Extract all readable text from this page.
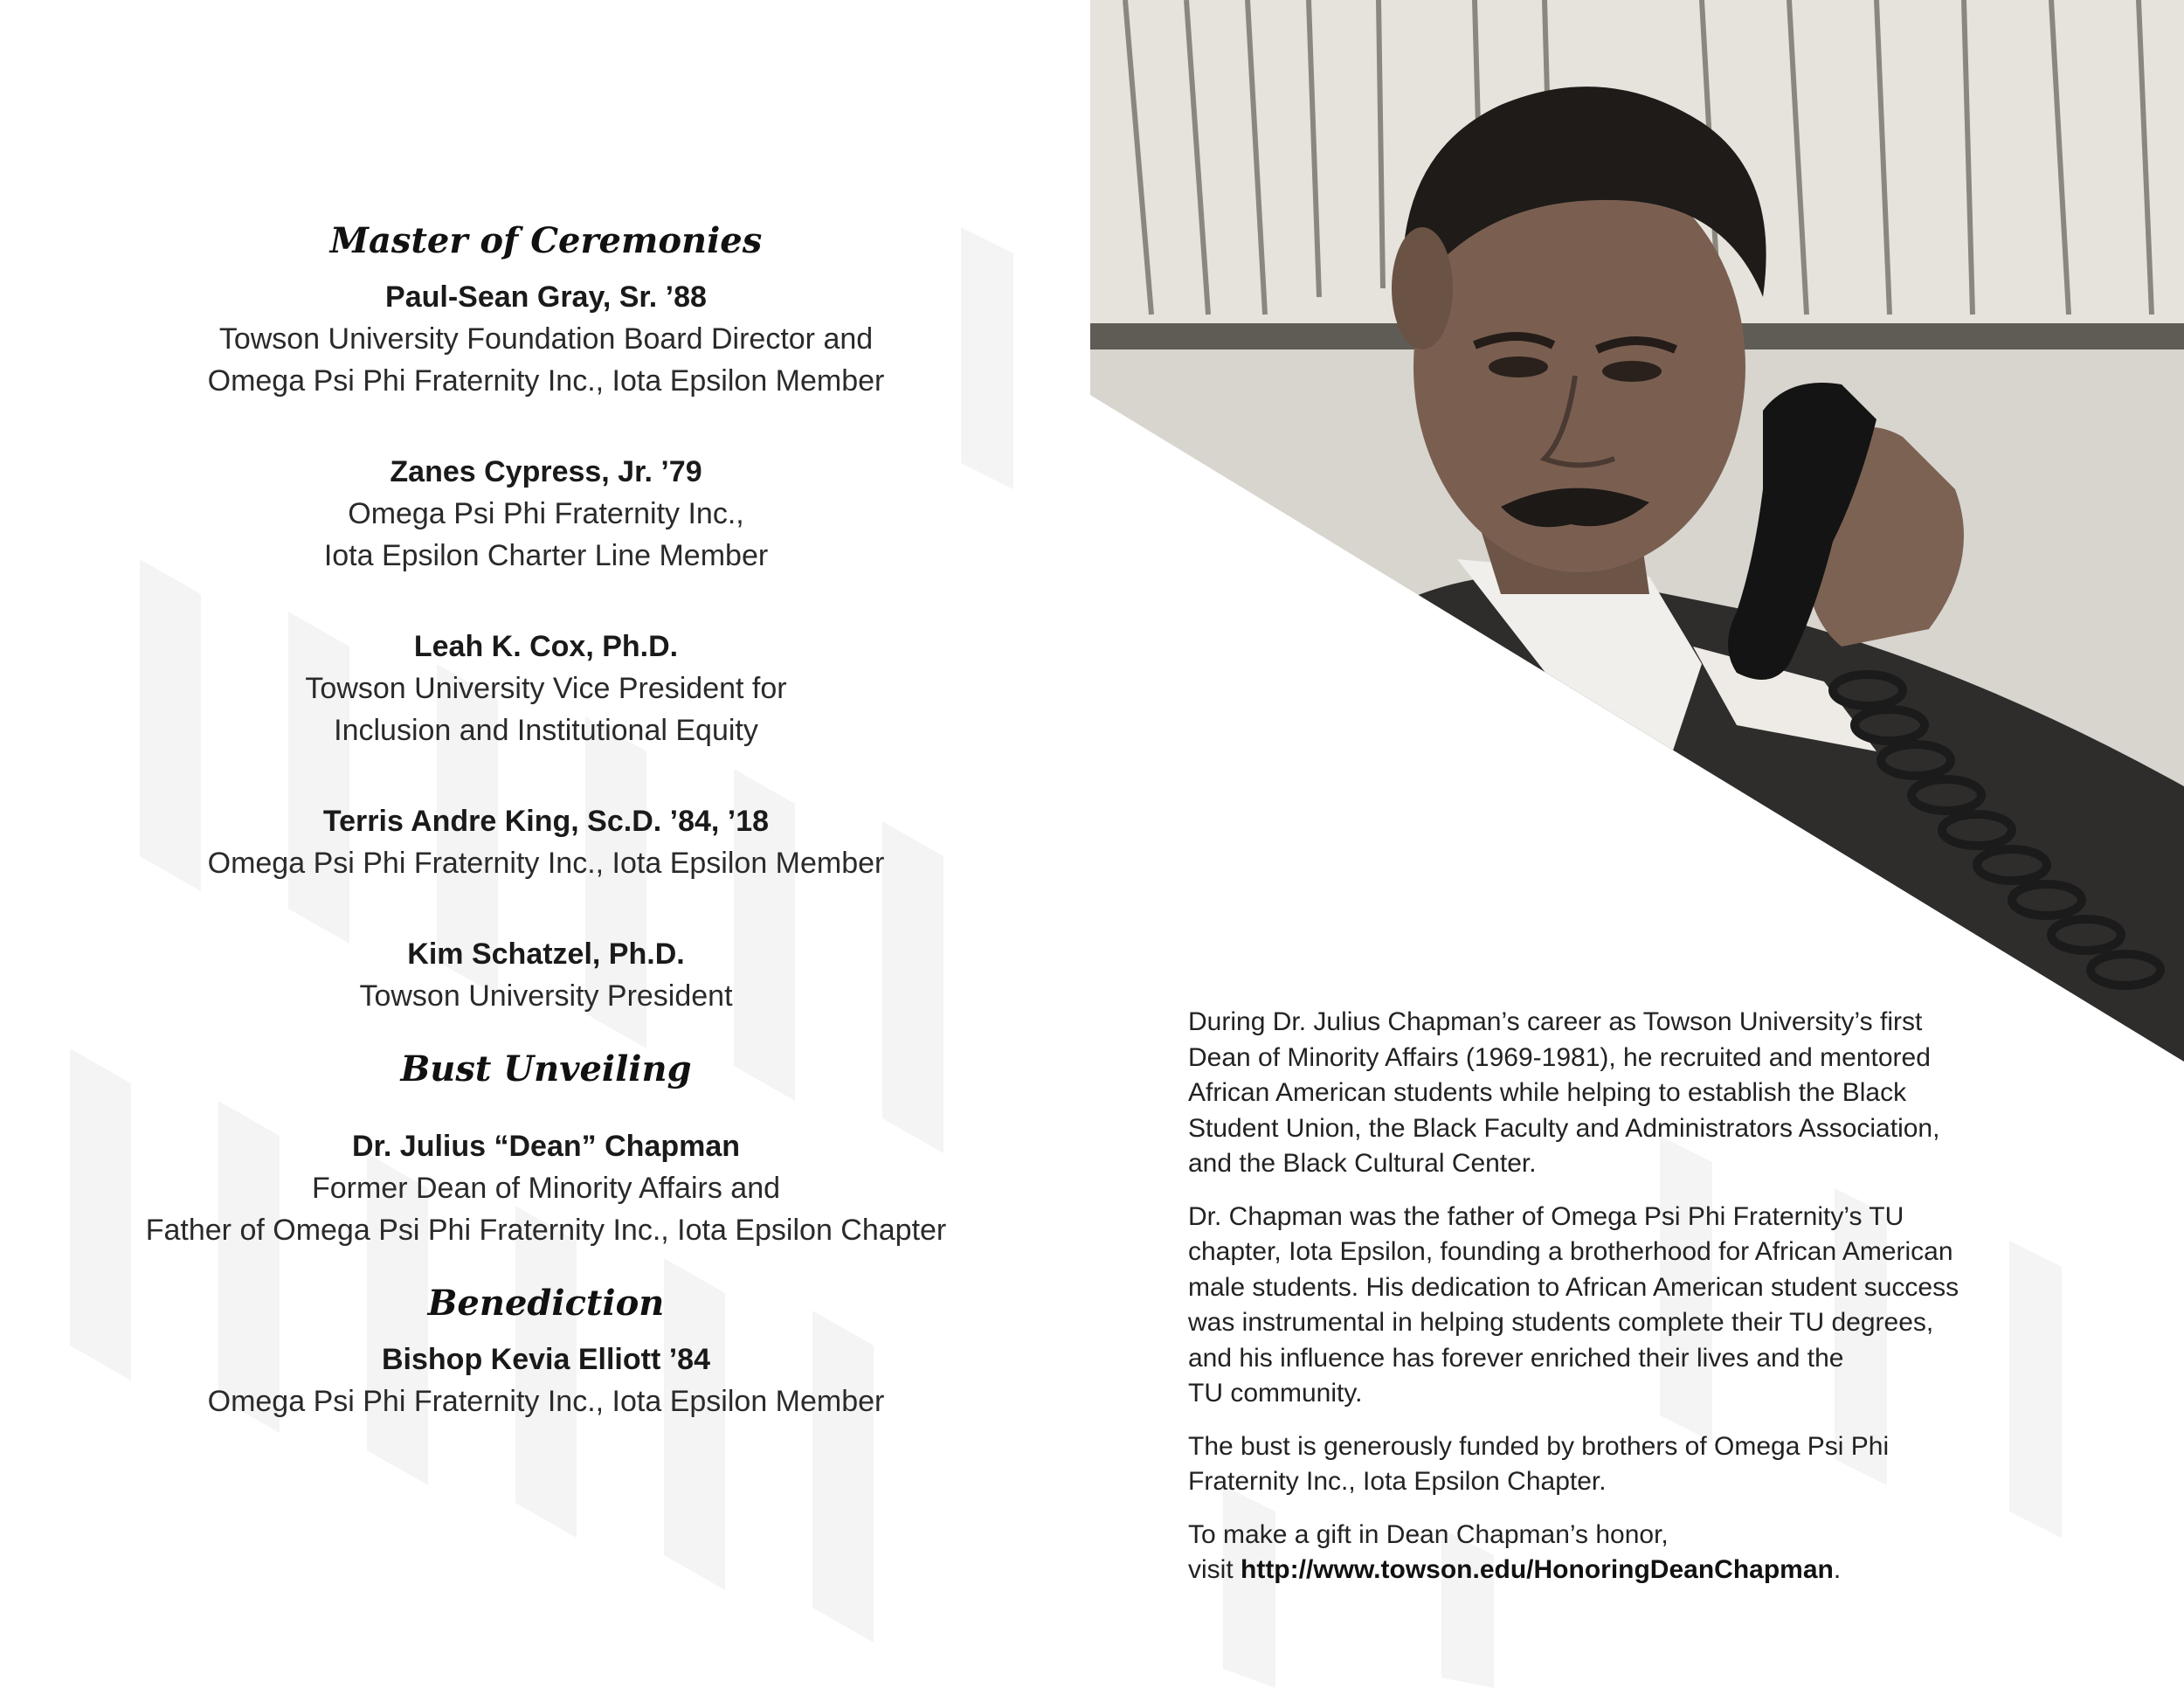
Master of Ceremonies
Paul-Sean Gray, Sr. ’88
Towson University Foundation Board Director and
Omega Psi Phi Fraternity Inc., Iota Epsilon Member
Zanes Cypress, Jr. ’79
Omega Psi Phi Fraternity Inc.,
Iota Epsilon Charter Line Member
Leah K. Cox, Ph.D.
Towson University Vice President for
Inclusion and Institutional Equity
Terris Andre King, Sc.D. ’84, ’18
Omega Psi Phi Fraternity Inc., Iota Epsilon Member
Kim Schatzel, Ph.D.
Towson University President
Bust Unveiling
Dr. Julius “Dean” Chapman
Former Dean of Minority Affairs and
Father of Omega Psi Phi Fraternity Inc., Iota Epsilon Chapter
Benediction
Bishop Kevia Elliott ’84
Omega Psi Phi Fraternity Inc., Iota Epsilon Member

During Dr. Julius Chapman’s career as Towson University’s first
Dean of Minority Affairs (1969-1981), he recruited and mentored
African American students while helping to establish the Black
Student Union, the Black Faculty and Administrators Association,
and the Black Cultural Center.

Dr. Chapman was the father of Omega Psi Phi Fraternity’s TU
chapter, Iota Epsilon, founding a brotherhood for African American
male students. His dedication to African American student success
was instrumental in helping students complete their TU degrees,
and his influence has forever enriched their lives and the
TU community.

The bust is generously funded by brothers of Omega Psi Phi
Fraternity Inc., Iota Epsilon Chapter.

To make a gift in Dean Chapman’s honor,
visit http://www.towson.edu/HonoringDeanChapman.
